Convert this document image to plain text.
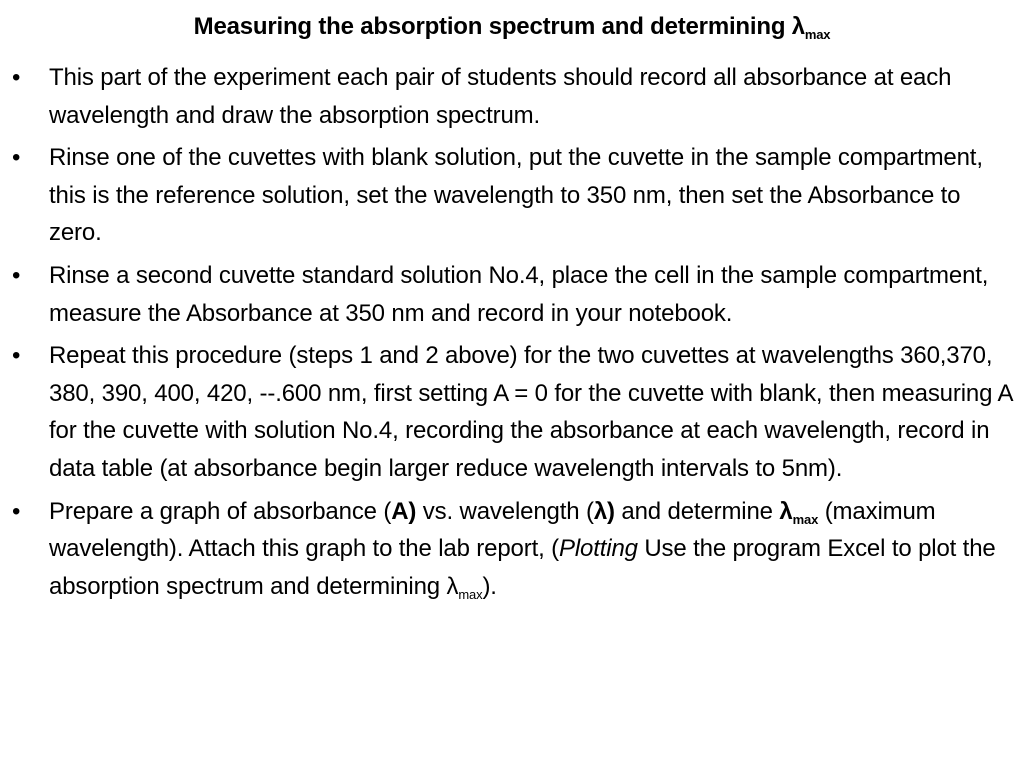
Measuring the absorption spectrum and determining $\lambda_{max}$
•	This part of the experiment each pair of students should record all absorbance at each wavelength and draw the absorption spectrum.
•	Rinse one of the cuvettes with blank solution, put the cuvette in the sample compartment, this is the reference solution, set the wavelength to 350 nm, then set the Absorbance to zero.
•	Rinse a second cuvette standard solution No.4, place the cell in the sample compartment, measure the Absorbance at 350 nm and record in your notebook.
•	Repeat this procedure (steps 1 and 2 above) for the two cuvettes at wavelengths 360,370, 380, 390, 400, 420, --.600 nm, first setting A = 0 for the cuvette with blank, then measuring A for the cuvette with solution No.4, recording the absorbance at each wavelength, record in data table (at absorbance begin larger reduce wavelength intervals to 5nm).
•	Prepare a graph of absorbance (A) vs. wavelength (λ) and determine $\lambda_{max}$ (maximum wavelength). Attach this graph to the lab report, (Plotting Use the program Excel to plot the absorption spectrum and determining $\lambda_{max}$).
